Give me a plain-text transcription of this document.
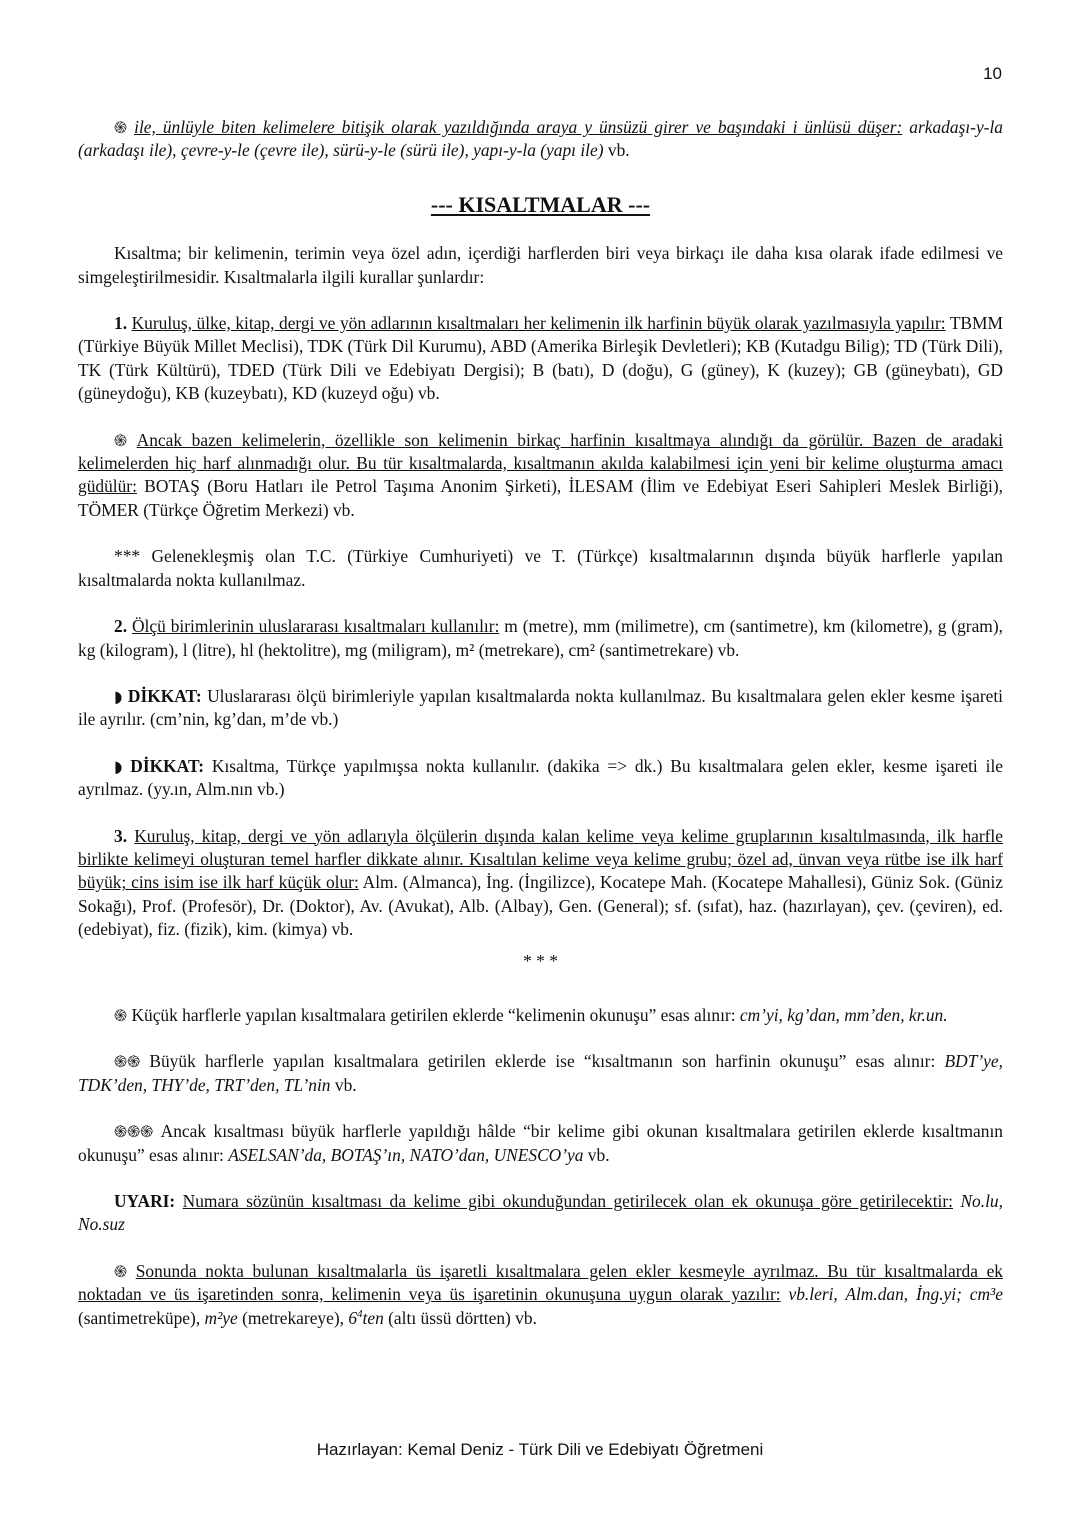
10

֍ ile, ünlüyle biten kelimelere bitişik olarak yazıldığında araya y ünsüzü girer ve başındaki i ünlüsü düşer: arkadaşı-y-la (arkadaşı ile), çevre-y-le (çevre ile), sürü-y-le (sürü ile), yapı-y-la (yapı ile) vb.

--- KISALTMALAR ---

Kısaltma; bir kelimenin, terimin veya özel adın, içerdiği harflerden biri veya birkaçı ile daha kısa olarak ifade edilmesi ve simgeleştirilmesidir. Kısaltmalarla ilgili kurallar şunlardır:

1. Kuruluş, ülke, kitap, dergi ve yön adlarının kısaltmaları her kelimenin ilk harfinin büyük olarak yazılmasıyla yapılır: TBMM (Türkiye Büyük Millet Meclisi), TDK (Türk Dil Kurumu), ABD (Amerika Birleşik Devletleri); KB (Kutadgu Bilig); TD (Türk Dili), TK (Türk Kültürü), TDED (Türk Dili ve Edebiyatı Dergisi); B (batı), D (doğu), G (güney), K (kuzey); GB (güneybatı), GD (güneydoğu), KB (kuzeybatı), KD (kuzeyd oğu) vb.

֍ Ancak bazen kelimelerin, özellikle son kelimenin birkaç harfinin kısaltmaya alındığı da görülür. Bazen de aradaki kelimelerden hiç harf alınmadığı olur. Bu tür kısaltmalarda, kısaltmanın akılda kalabilmesi için yeni bir kelime oluşturma amacı güdülür: BOTAŞ (Boru Hatları ile Petrol Taşıma Anonim Şirketi), İLESAM (İlim ve Edebiyat Eseri Sahipleri Meslek Birliği), TÖMER (Türkçe Öğretim Merkezi) vb.

*** Gelenekleşmiş olan T.C. (Türkiye Cumhuriyeti) ve T. (Türkçe) kısaltmalarının dışında büyük harflerle yapılan kısaltmalarda nokta kullanılmaz.

2. Ölçü birimlerinin uluslararası kısaltmaları kullanılır: m (metre), mm (milimetre), cm (santimetre), km (kilometre), g (gram), kg (kilogram), l (litre), hl (hektolitre), mg (miligram), m² (metrekare), cm² (santimetrekare) vb.

◗ DİKKAT: Uluslararası ölçü birimleriyle yapılan kısaltmalarda nokta kullanılmaz. Bu kısaltmalara gelen ekler kesme işareti ile ayrılır. (cm’nin, kg’dan, m’de vb.)

◗ DİKKAT: Kısaltma, Türkçe yapılmışsa nokta kullanılır. (dakika => dk.) Bu kısaltmalara gelen ekler, kesme işareti ile ayrılmaz. (yy.ın, Alm.nın vb.)

3. Kuruluş, kitap, dergi ve yön adlarıyla ölçülerin dışında kalan kelime veya kelime gruplarının kısaltılmasında, ilk harfle birlikte kelimeyi oluşturan temel harfler dikkate alınır. Kısaltılan kelime veya kelime grubu; özel ad, ünvan veya rütbe ise ilk harf büyük; cins isim ise ilk harf küçük olur: Alm. (Almanca), İng. (İngilizce), Kocatepe Mah. (Kocatepe Mahallesi), Güniz Sok. (Güniz Sokağı), Prof. (Profesör), Dr. (Doktor), Av. (Avukat), Alb. (Albay), Gen. (General); sf. (sıfat), haz. (hazırlayan), çev. (çeviren), ed. (edebiyat), fiz. (fizik), kim. (kimya) vb.

* * *

֍ Küçük harflerle yapılan kısaltmalara getirilen eklerde “kelimenin okunuşu” esas alınır: cm’yi, kg’dan, mm’den, kr.un.

֍֍ Büyük harflerle yapılan kısaltmalara getirilen eklerde ise “kısaltmanın son harfinin okunuşu” esas alınır: BDT’ye, TDK’den, THY’de, TRT’den, TL’nin vb.

֍֍֍ Ancak kısaltması büyük harflerle yapıldığı hâlde “bir kelime gibi okunan kısaltmalara getirilen eklerde kısaltmanın okunuşu” esas alınır: ASELSAN’da, BOTAŞ’ın, NATO’dan, UNESCO’ya vb.

UYARI: Numara sözünün kısaltması da kelime gibi okunduğundan getirilecek olan ek okunuşa göre getirilecektir: No.lu, No.suz

֍ Sonunda nokta bulunan kısaltmalarla üs işaretli kısaltmalara gelen ekler kesmeyle ayrılmaz. Bu tür kısaltmalarda ek noktadan ve üs işaretinden sonra, kelimenin veya üs işaretinin okunuşuna uygun olarak yazılır: vb.leri, Alm.dan, İng.yi; cm³e (santimetreküpe), m²ye (metrekareye), $6^4ten$ (altı üssü dörtten) vb.

Hazırlayan: Kemal Deniz - Türk Dili ve Edebiyatı Öğretmeni
